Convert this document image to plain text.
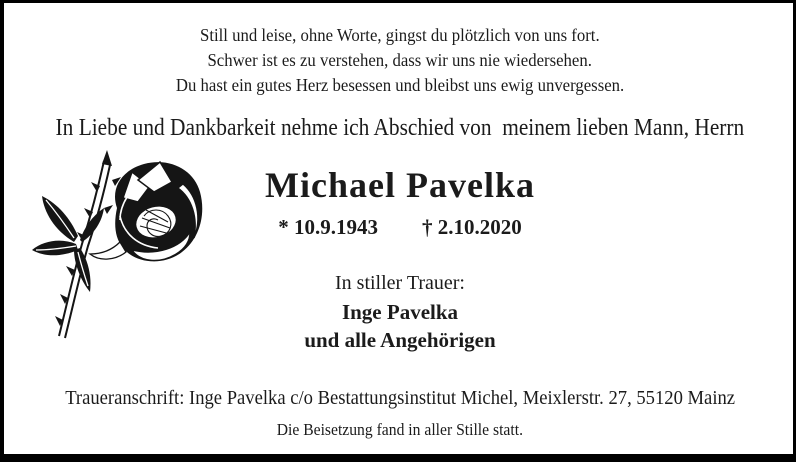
Still und leise, ohne Worte, gingst du plötzlich von uns fort.
Schwer ist es zu verstehen, dass wir uns nie wiedersehen.
Du hast ein gutes Herz besessen und bleibst uns ewig unvergessen.
In Liebe und Dankbarkeit nehme ich Abschied von  meinem lieben Mann, Herrn
Michael Pavelka
* 10.9.1943 † 2.10.2020
In stiller Trauer:
Inge Pavelka
und alle Angehörigen
Traueranschrift: Inge Pavelka c/o Bestattungsinstitut Michel, Meixlerstr. 27, 55120 Mainz
Die Beisetzung fand in aller Stille statt.
